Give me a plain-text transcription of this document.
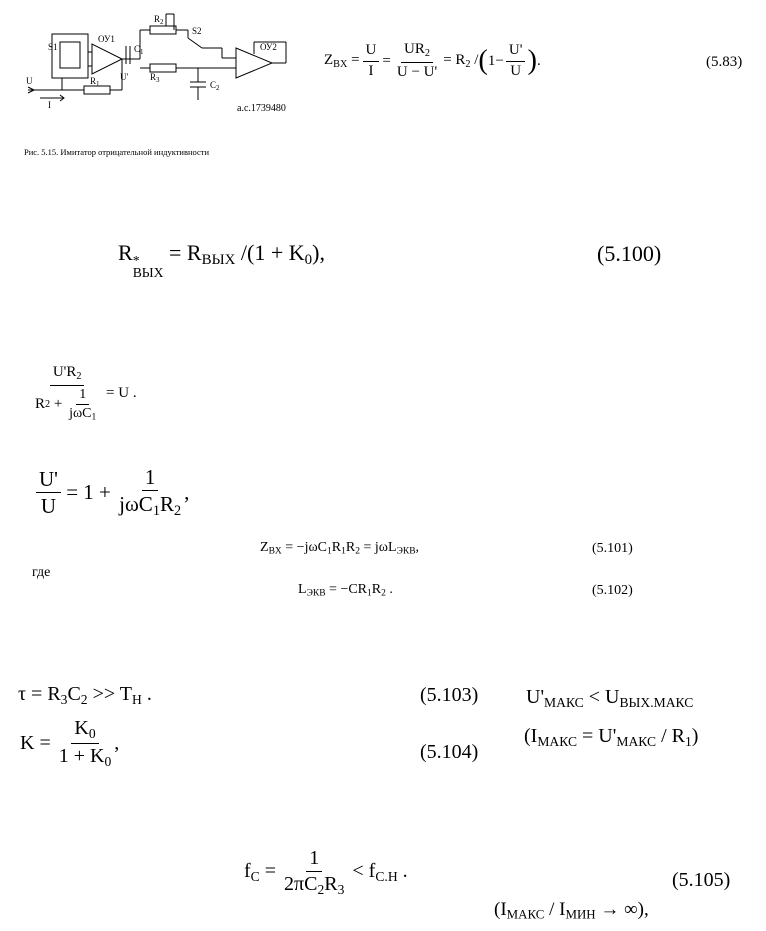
$R_2$
S2
S1
ОУ1
$C_1$	ОУ2
$R_3$	$C_2$
U'
U	$R_1$
I	а.с.1739480
Рис. 5.15. Имитатор отрицательной индуктивности
$Z_{BX} = \frac{U}{I} = \frac{UR_2}{U - U'} = R_2$ / ( $1- \frac{U'}{U}$ ) .	(5.83)
R *
ВЫХ
= $R_{ВЫХ}$ $/(1 + K_0)$,	(5.100)
$\frac{U'R_2}{R 2 + \frac{1}{j\omega C_1}} = U$ .
$\frac{U'}{U} = 1 + \frac{1}{j\omega C_1R_2}$ ,
$Z_{BX} = -j\omega C_1R_1R_2 = j\omega L_{ЭКВ}$,	(5.101)
где
$L_{ЭКВ} = -CR_1R_2$ .	(5.102)
$\tau = R_3C_2 >> T_Н$ .	(5.103) $U'_{МАКС} < U_{ВЫХ.МАКС}$
$(I_{МАКС} = U'_{МАКС} / R_1)$
$K = \frac{K_0}{1 + K_0}$ ,	(5.104)
$f_C = \frac{1}{2\pi C_2R_3} < f_{С.Н}$ .	(5.105)
($I_{МАКС} / I_{МИН}$ → ∞),
